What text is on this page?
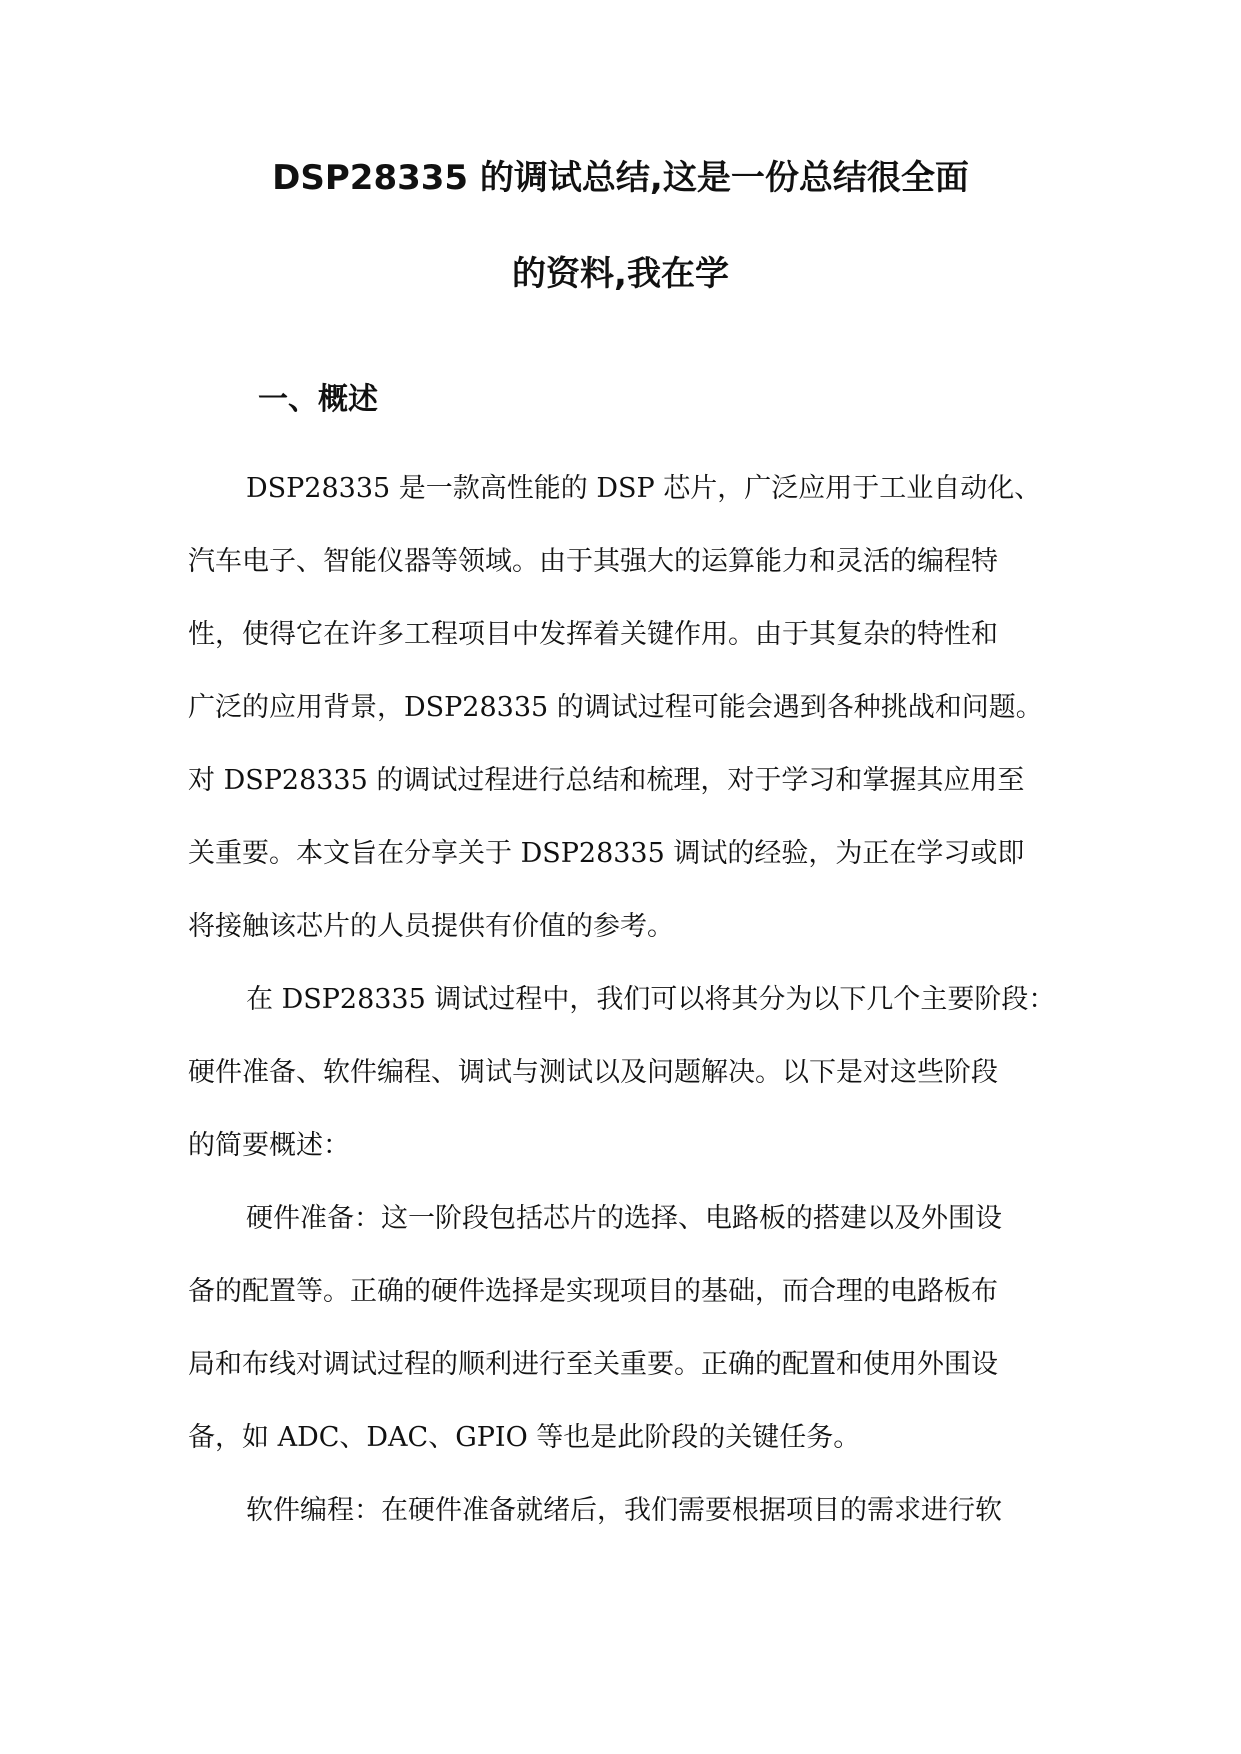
DSP28335 的调试总结,这是一份总结很全面
的资料,我在学
一、概述
DSP28335 是一款高性能的 DSP 芯片，广泛应用于工业自动化、
汽车电子、智能仪器等领域。由于其强大的运算能力和灵活的编程特
性，使得它在许多工程项目中发挥着关键作用。由于其复杂的特性和
广泛的应用背景，DSP28335 的调试过程可能会遇到各种挑战和问题。
对 DSP28335 的调试过程进行总结和梳理，对于学习和掌握其应用至
关重要。本文旨在分享关于 DSP28335 调试的经验，为正在学习或即
将接触该芯片的人员提供有价值的参考。
在 DSP28335 调试过程中，我们可以将其分为以下几个主要阶段：
硬件准备、软件编程、调试与测试以及问题解决。以下是对这些阶段
的简要概述：
硬件准备：这一阶段包括芯片的选择、电路板的搭建以及外围设
备的配置等。正确的硬件选择是实现项目的基础，而合理的电路板布
局和布线对调试过程的顺利进行至关重要。正确的配置和使用外围设
备，如 ADC、DAC、GPIO 等也是此阶段的关键任务。
软件编程：在硬件准备就绪后，我们需要根据项目的需求进行软
